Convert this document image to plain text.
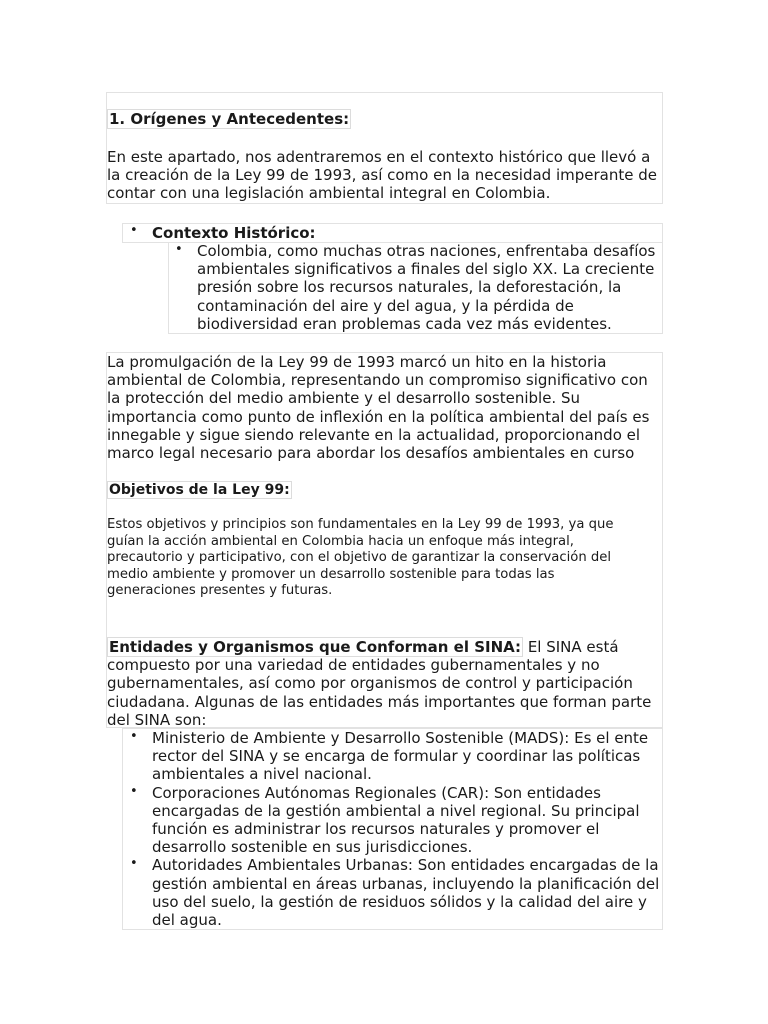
1. Orígenes y Antecedentes:

En este apartado, nos adentraremos en el contexto histórico que llevó a la creación de la Ley 99 de 1993, así como en la necesidad imperante de contar con una legislación ambiental integral en Colombia.

• Contexto Histórico:
• Colombia, como muchas otras naciones, enfrentaba desafíos ambientales significativos a finales del siglo XX. La creciente presión sobre los recursos naturales, la deforestación, la contaminación del aire y del agua, y la pérdida de biodiversidad eran problemas cada vez más evidentes.

La promulgación de la Ley 99 de 1993 marcó un hito en la historia ambiental de Colombia, representando un compromiso significativo con la protección del medio ambiente y el desarrollo sostenible. Su importancia como punto de inflexión en la política ambiental del país es innegable y sigue siendo relevante en la actualidad, proporcionando el marco legal necesario para abordar los desafíos ambientales en curso

Objetivos de la Ley 99:

Estos objetivos y principios son fundamentales en la Ley 99 de 1993, ya que guían la acción ambiental en Colombia hacia un enfoque más integral, precautorio y participativo, con el objetivo de garantizar la conservación del medio ambiente y promover un desarrollo sostenible para todas las generaciones presentes y futuras.

Entidades y Organismos que Conforman el SINA: El SINA está compuesto por una variedad de entidades gubernamentales y no gubernamentales, así como por organismos de control y participación ciudadana. Algunas de las entidades más importantes que forman parte del SINA son:

• Ministerio de Ambiente y Desarrollo Sostenible (MADS): Es el ente rector del SINA y se encarga de formular y coordinar las políticas ambientales a nivel nacional.
• Corporaciones Autónomas Regionales (CAR): Son entidades encargadas de la gestión ambiental a nivel regional. Su principal función es administrar los recursos naturales y promover el desarrollo sostenible en sus jurisdicciones.
• Autoridades Ambientales Urbanas: Son entidades encargadas de la gestión ambiental en áreas urbanas, incluyendo la planificación del uso del suelo, la gestión de residuos sólidos y la calidad del aire y del agua.
